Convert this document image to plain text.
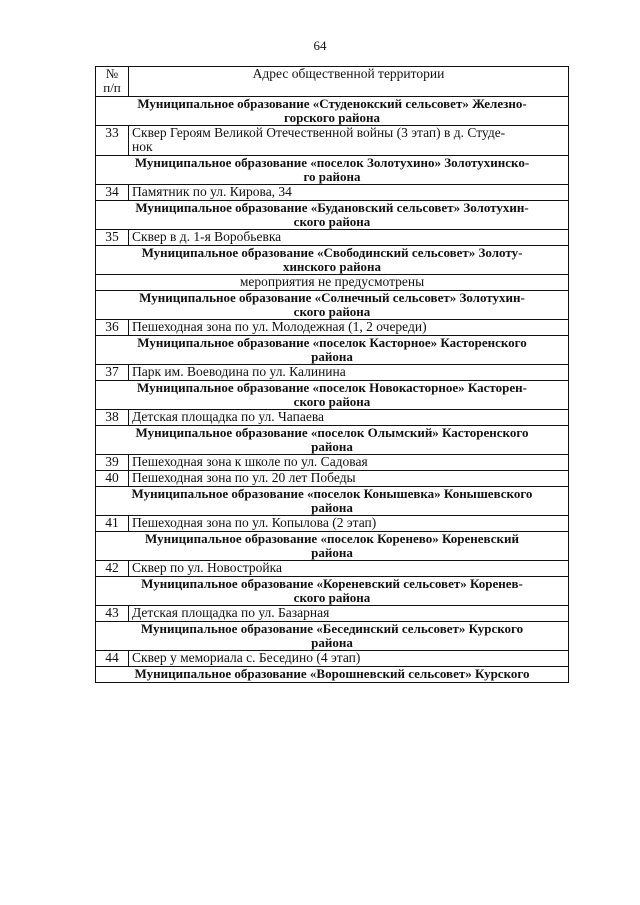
64
№
п/п	Адрес общественной территории

Муниципальное образование «Студенокский сельсовет» Железно-
горского района	

33	Сквер Героям Великой Отечественной войны (3 этап) в д. Студе-
нок

Муниципальное образование «поселок Золотухино» Золотухинско-
го района	

34	Памятник по ул. Кирова, 34

Муниципальное образование «Будановский сельсовет» Золотухин-
ского района	

35	Сквер в д. 1-я Воробьевка

Муниципальное образование «Свободинский сельсовет» Золоту-
хинского района	

мероприятия не предусмотрены	

Муниципальное образование «Солнечный сельсовет» Золотухин-
ского района	

36	Пешеходная зона по ул. Молодежная (1, 2 очереди)

Муниципальное образование «поселок Касторное» Касторенского
района	

37	Парк им. Воеводина по ул. Калинина

Муниципальное образование «поселок Новокасторное» Касторен-
ского района	

38	Детская площадка по ул. Чапаева

Муниципальное образование «поселок Олымский» Касторенского
района	

39	Пешеходная зона к школе по ул. Садовая

40	Пешеходная зона по ул. 20 лет Победы

Муниципальное образование «поселок Конышевка» Конышевского
района	

41	Пешеходная зона по ул. Копылова (2 этап)

Муниципальное образование «поселок Кореневo» Кореневский
района	

42	Сквер по ул. Новостройка

Муниципальное образование «Кореневский сельсовет» Коренев-
ского района	

43	Детская площадка по ул. Базарная

Муниципальное образование «Бесединский сельсовет» Курского
района	

44	Сквер у мемориала с. Беседино (4 этап)

Муниципальное образование «Ворошневский сельсовет» Курского	
